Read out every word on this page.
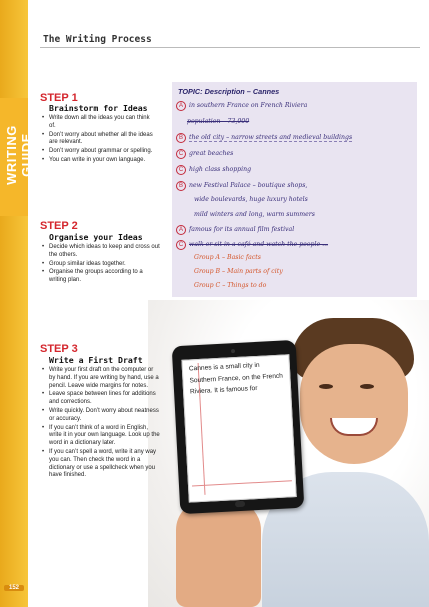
WRITING GUIDE
152
The Writing Process
STEP 1
Brainstorm for Ideas
• Write down all the ideas you can think of.
• Don’t worry about whether all the ideas are relevant.
• Don’t worry about grammar or spelling.
• You can write in your own language.
STEP 2
Organise your Ideas
• Decide which ideas to keep and cross out the others.
• Group similar ideas together.
• Organise the groups according to a writing plan.
TOPIC: Description – Cannes
A in southern France on French Riviera
population – 73,000
B the old city – narrow streets and medieval buildings
C great beaches
C high class shopping
B new Festival Palace – boutique shops,
wide boulevards, huge luxury hotels
mild winters and long, warm summers
A famous for its annual film festival
C walk or sit in a café and watch the people ...
Group A – Basic facts
Group B – Main parts of city
Group C – Things to do
Cannes is a small city in Southern France, on the French Riviera. It is famous for
STEP 3
Write a First Draft
• Write your first draft on the computer or by hand. If you are writing by hand, use a pencil. Leave wide margins for notes.
• Leave space between lines for additions and corrections.
• Write quickly. Don’t worry about neatness or accuracy.
• If you can’t think of a word in English, write it in your own language. Look up the word in a dictionary later.
• If you can’t spell a word, write it any way you can. Then check the word in a dictionary or use a spellcheck when you have finished.
